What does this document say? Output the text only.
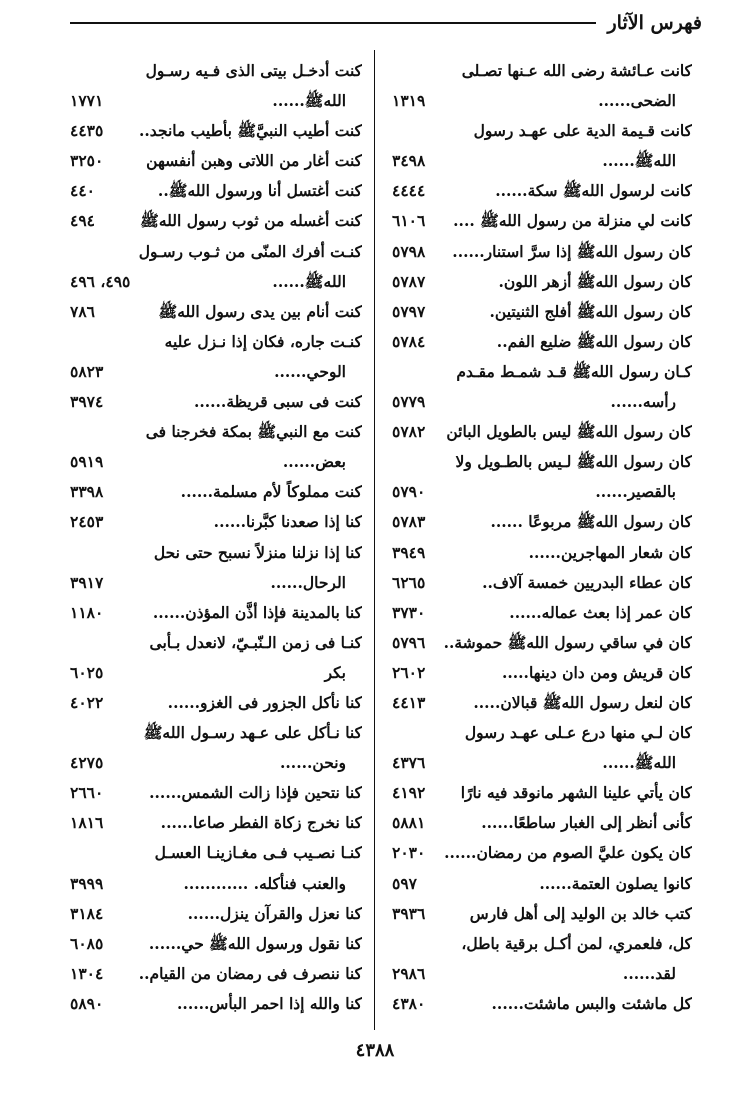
فهرس الآثار
كانت عـائشة رضى الله عـنها تصـلى
الضحى......
١٣١٩
كانت قـيمة الدية على عهـد رسول
اللهﷺ......
٣٤٩٨
كانت لرسول اللهﷺ سكة......
٤٤٤٤
كانت لي منزلة من رسول اللهﷺ ....
٦١٠٦
كان رسول اللهﷺ إذا سرَّ استنار......
٥٧٩٨
كان رسول اللهﷺ أزهر اللون.
٥٧٨٧
كان رسول اللهﷺ أفلج الثنيتين.
٥٧٩٧
كان رسول اللهﷺ ضليع الفم..
٥٧٨٤
كـان رسول اللهﷺ قـد شمـط مقـدم
رأسه......
٥٧٧٩
كان رسول اللهﷺ ليس بالطويل البائن
٥٧٨٢
كان رسول اللهﷺ لـيس بالطـويل ولا
بالقصير......
٥٧٩٠
كان رسول اللهﷺ مربوعًا ......
٥٧٨٣
كان شعار المهاجرين......
٣٩٤٩
كان عطاء البدريين خمسة آلاف..
٦٢٦٥
كان عمر إذا بعث عماله......
٣٧٣٠
كان في ساقي رسول اللهﷺ حموشة..
٥٧٩٦
كان قريش ومن دان دينها.....
٢٦٠٢
كان لنعل رسول اللهﷺ قبالان.....
٤٤١٣
كان لـي منها درع عـلى عهـد رسول
اللهﷺ......
٤٣٧٦
كان يأتي علينا الشهر مانوقد فيه نارًا
٤١٩٢
كأنى أنظر إلى الغبار ساطعًا......
٥٨٨١
كان يكون عليَّ الصوم من رمضان......
٢٠٣٠
كانوا يصلون العتمة......
٥٩٧
كتب خالد بن الوليد إلى أهل فارس
٣٩٣٦
كل، فلعمري، لمن أكـل برقية باطل،
لقد......
٢٩٨٦
كل ماشئت والبس ماشئت......
٤٣٨٠
كنت أدخـل بيتى الذى فـيه رسـول
اللهﷺ......
١٧٧١
كنت أطيب النبيَّﷺ بأطيب مانجد..
٤٤٣٥
كنت أغار من اللاتى وهبن أنفسهن
٣٢٥٠
كنت أغتسل أنا ورسول اللهﷺ..
٤٤٠
كنت أغسله من ثوب رسول اللهﷺ
٤٩٤
كنـت أفرك المنّى من ثـوب رسـول
اللهﷺ......
٤٩٥، ٤٩٦
كنت أنام بين يدى رسول اللهﷺ
٧٨٦
كنـت جاره، فكان إذا نـزل عليه
الوحي......
٥٨٢٣
كنت فى سبى قريظة......
٣٩٧٤
كنت مع النبيﷺ بمكة فخرجنا فى
بعض......
٥٩١٩
كنت مملوكاً لأم مسلمة......
٣٣٩٨
كنا إذا صعدنا كبَّرنا......
٢٤٥٣
كنا إذا نزلنا منزلاً نسبح حتى نحل
الرحال......
٣٩١٧
كنا بالمدينة فإذا أذَّن المؤذن......
١١٨٠
كنـا فى زمن الـنّبـيّ، لانعدل بـأبى
بكر
٦٠٢٥
كنا نأكل الجزور فى الغزو......
٤٠٢٢
كنا نـأكل على عـهد رسـول اللهﷺ
ونحن......
٤٢٧٥
كنا نتحين فإذا زالت الشمس......
٢٦٦٠
كنا نخرج زكاة الفطر صاعا......
١٨١٦
كنـا نصـيب فـى مغـازينـا العسـل
والعنب فنأكله. ............
٣٩٩٩
كنا نعزل والقرآن ينزل......
٣١٨٤
كنا نقول ورسول اللهﷺ حي......
٦٠٨٥
كنا ننصرف فى رمضان من القيام..
١٣٠٤
كنا والله إذا احمر البأس......
٥٨٩٠
٤٣٨٨
